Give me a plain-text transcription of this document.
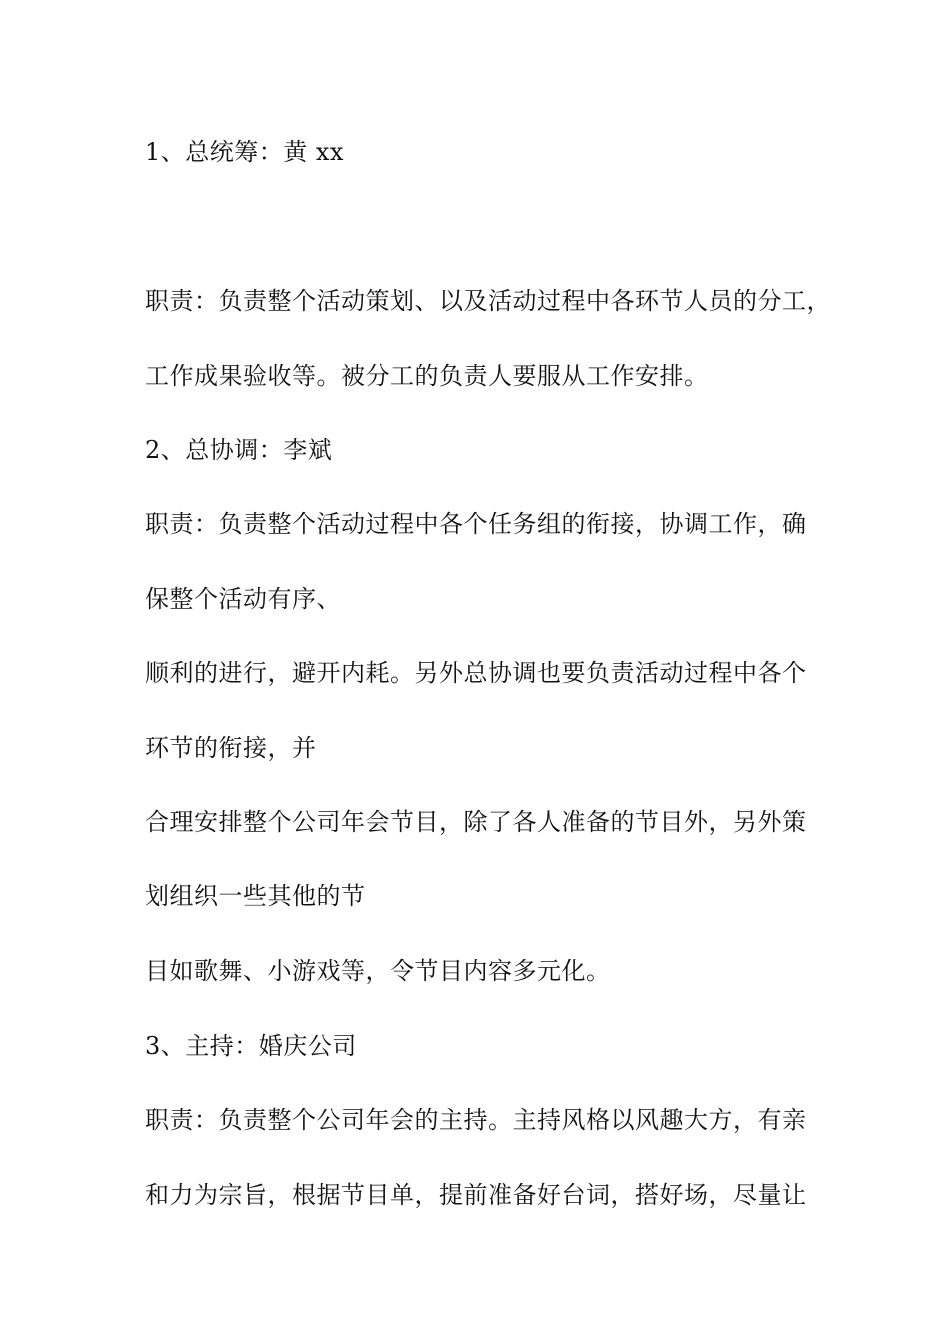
1、总统筹：黄 xx
职责：负责整个活动策划、以及活动过程中各环节人员的分工，
工作成果验收等。被分工的负责人要服从工作安排。
2、总协调：李斌
职责：负责整个活动过程中各个任务组的衔接，协调工作，确
保整个活动有序、
顺利的进行，避开内耗。另外总协调也要负责活动过程中各个
环节的衔接，并
合理安排整个公司年会节目，除了各人准备的节目外，另外策
划组织一些其他的节
目如歌舞、小游戏等，令节目内容多元化。
3、主持：婚庆公司
职责：负责整个公司年会的主持。主持风格以风趣大方，有亲
和力为宗旨，根据节目单，提前准备好台词，搭好场，尽量让
